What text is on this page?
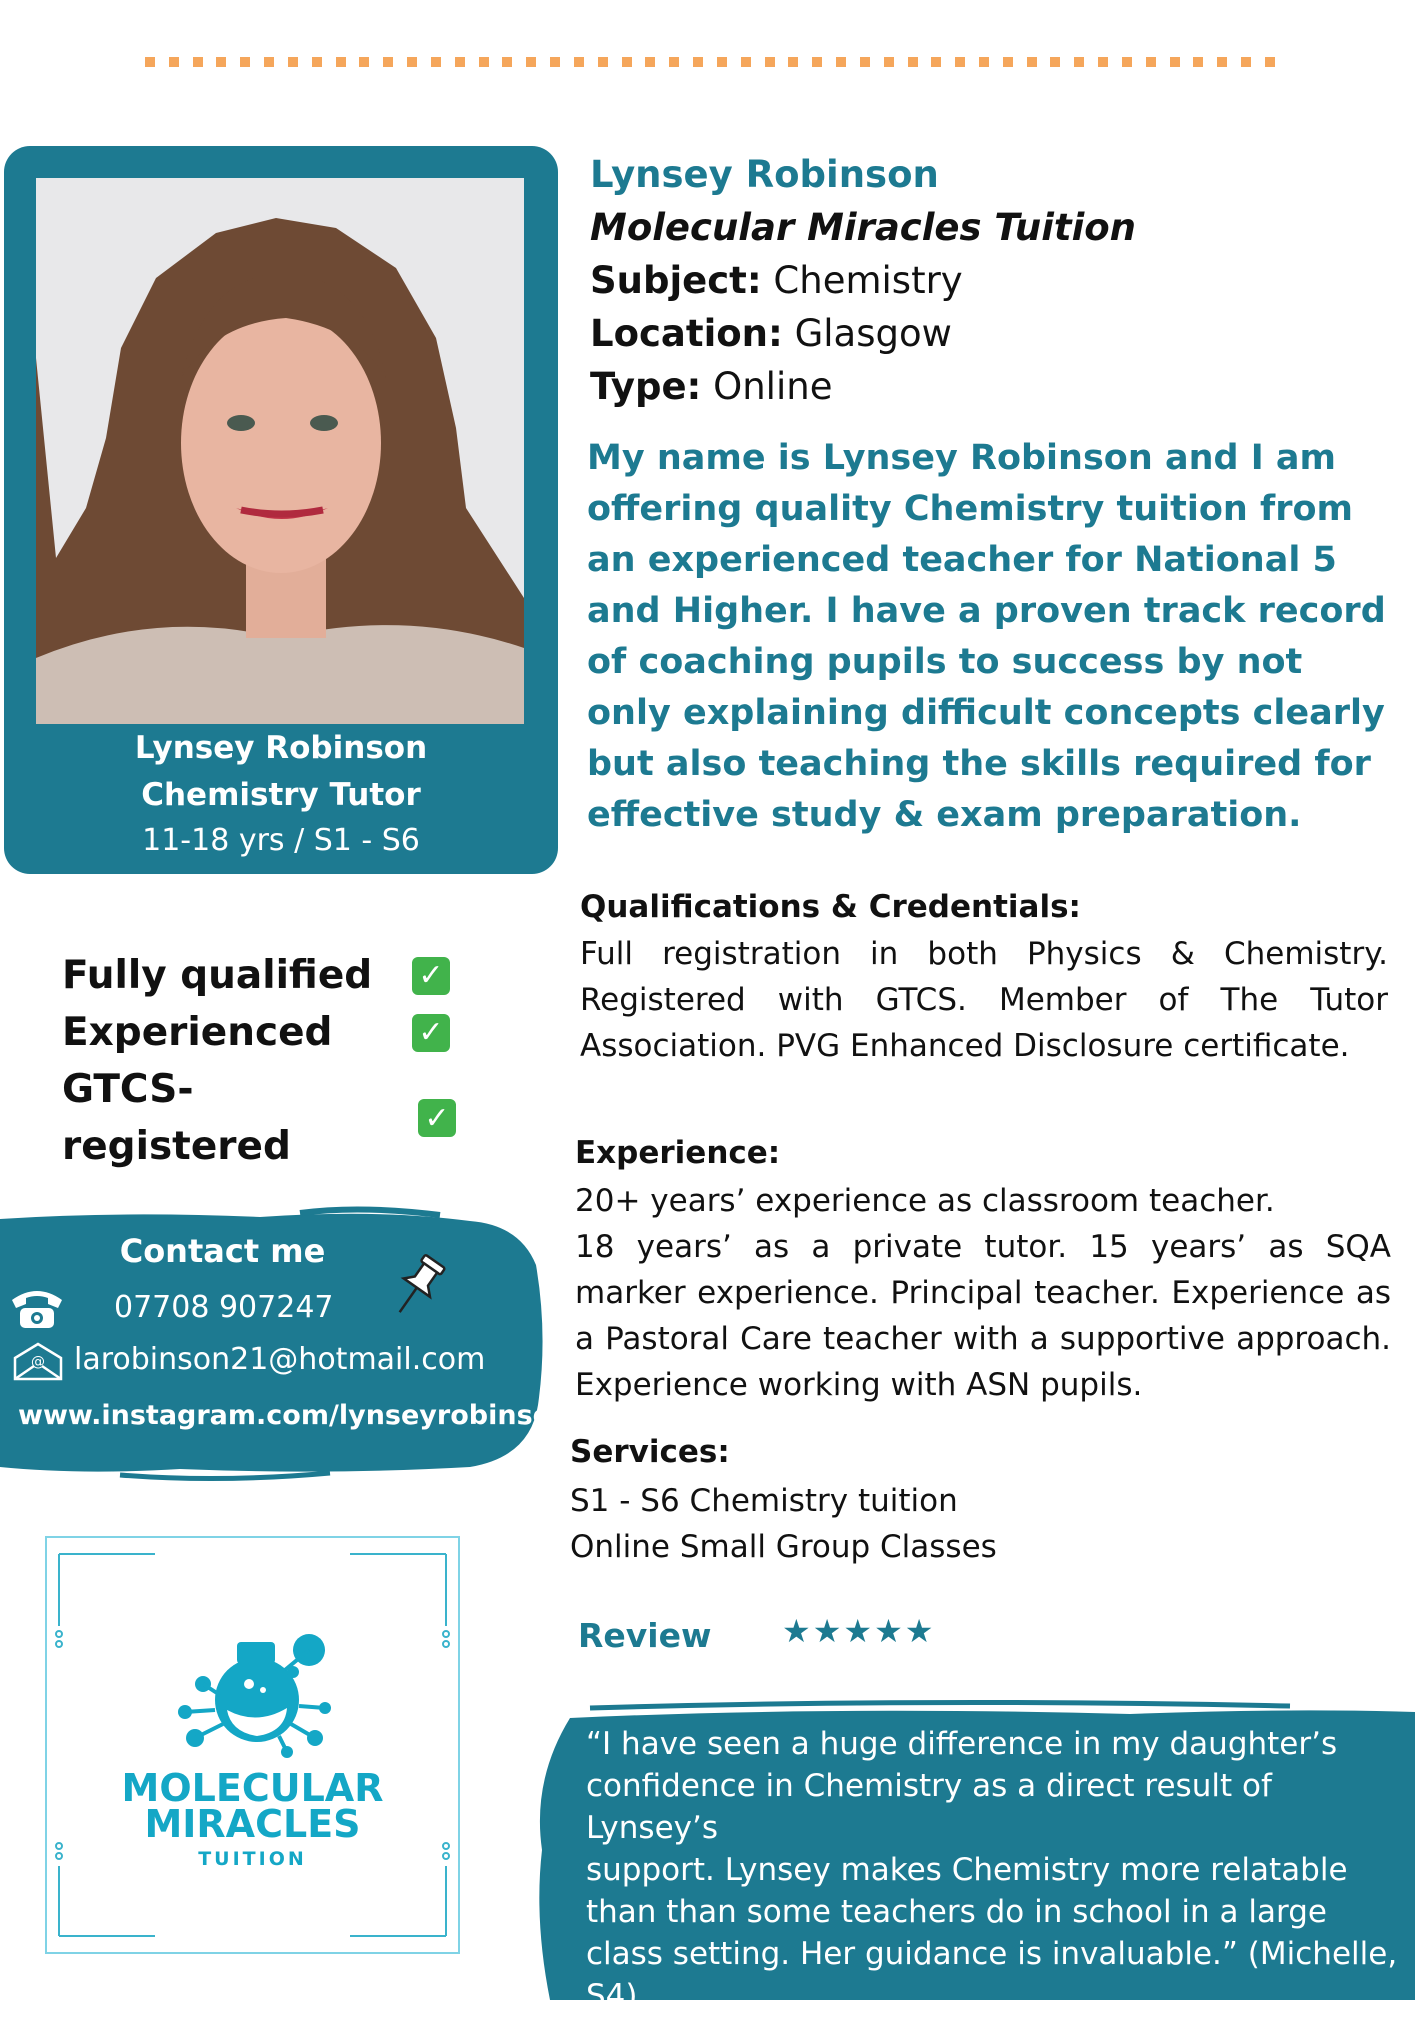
Lynsey Robinson
Chemistry Tutor
11-18 yrs / S1 - S6
Lynsey Robinson
Molecular Miracles Tuition
Subject: Chemistry
Location: Glasgow
Type: Online
My name is Lynsey Robinson and I am offering quality Chemistry tuition from an experienced teacher for National 5 and Higher. I have a proven track record of coaching pupils to success by not only explaining difficult concepts clearly but also teaching the skills required for effective study & exam preparation.
Fully qualified	✓
Experienced	✓
GTCS-registered
✓
Qualifications & Credentials:
Full registration in both Physics & Chemistry. Registered with GTCS. Member of The Tutor Association. PVG Enhanced Disclosure certificate.
Experience:
20+ years’ experience as classroom teacher.
18 years’ as a private tutor. 15 years’ as SQA marker experience. Principal teacher. Experience as a Pastoral Care teacher with a supportive approach. Experience working with ASN pupils.
Services:
S1 - S6 Chemistry tuition
Online Small Group Classes
Contact me
07708 907247
@ larobinson21@hotmail.com
www.instagram.com/lynseyrobinson72
MOLECULAR
MIRACLES
TUITION
Review ★★★★★
“I have seen a huge difference in my daughter’s confidence in Chemistry as a direct result of Lynsey’s
support. Lynsey makes Chemistry more relatable than than some teachers do in school in a large class setting. Her guidance is invaluable.” (Michelle, S4)
